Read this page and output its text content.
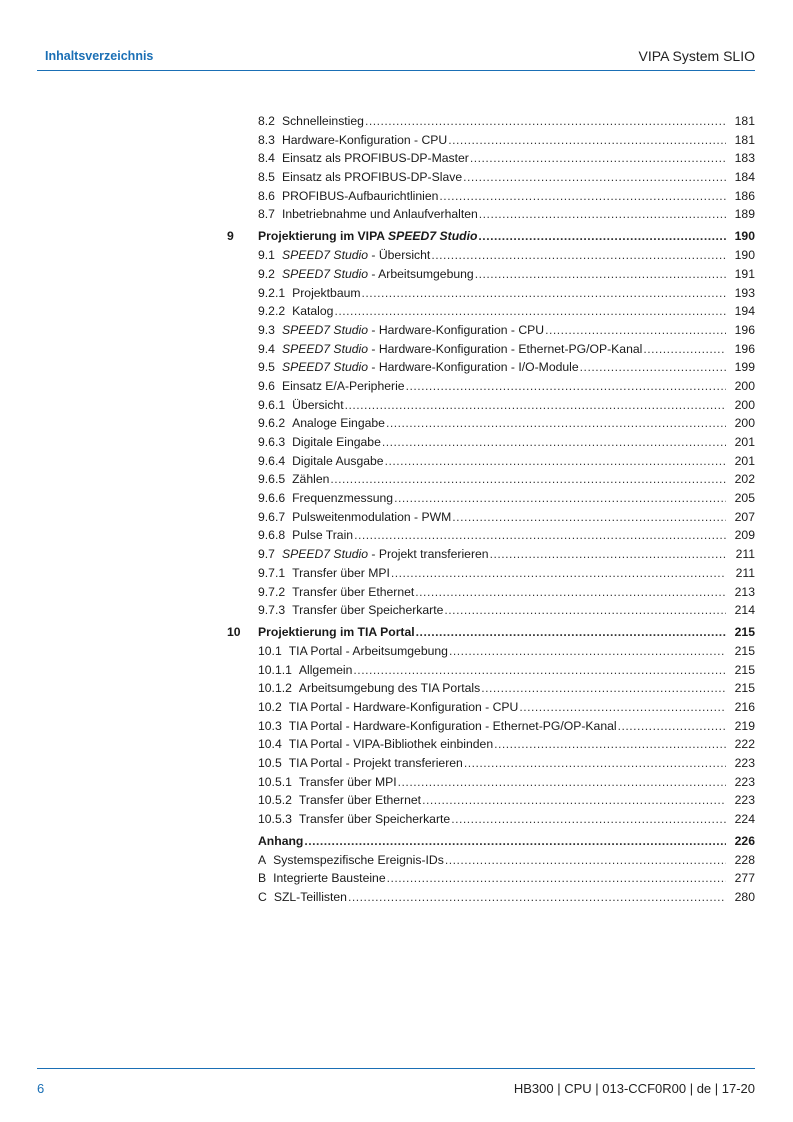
Inhaltsverzeichnis	VIPA System SLIO
8.2 Schnelleinstieg .....	181
8.3 Hardware-Konfiguration - CPU .....	181
8.4 Einsatz als PROFIBUS-DP-Master .....	183
8.5 Einsatz als PROFIBUS-DP-Slave .....	184
8.6 PROFIBUS-Aufbaurichtlinien .....	186
8.7 Inbetriebnahme und Anlaufverhalten .....	189
9 Projektierung im VIPA SPEED7 Studio .....	190
9.1 SPEED7 Studio - Übersicht .....	190
9.2 SPEED7 Studio - Arbeitsumgebung .....	191
9.2.1 Projektbaum .....	193
9.2.2 Katalog .....	194
9.3 SPEED7 Studio - Hardware-Konfiguration - CPU .....	196
9.4 SPEED7 Studio - Hardware-Konfiguration - Ethernet-PG/OP-Kanal .....	196
9.5 SPEED7 Studio - Hardware-Konfiguration - I/O-Module .....	199
9.6 Einsatz E/A-Peripherie .....	200
9.6.1 Übersicht .....	200
9.6.2 Analoge Eingabe .....	200
9.6.3 Digitale Eingabe .....	201
9.6.4 Digitale Ausgabe .....	201
9.6.5 Zählen .....	202
9.6.6 Frequenzmessung .....	205
9.6.7 Pulsweitenmodulation - PWM .....	207
9.6.8 Pulse Train .....	209
9.7 SPEED7 Studio - Projekt transferieren .....	211
9.7.1 Transfer über MPI .....	211
9.7.2 Transfer über Ethernet .....	213
9.7.3 Transfer über Speicherkarte .....	214
10 Projektierung im TIA Portal .....	215
10.1 TIA Portal - Arbeitsumgebung .....	215
10.1.1 Allgemein .....	215
10.1.2 Arbeitsumgebung des TIA Portals .....	215
10.2 TIA Portal - Hardware-Konfiguration - CPU .....	216
10.3 TIA Portal - Hardware-Konfiguration - Ethernet-PG/OP-Kanal .....	219
10.4 TIA Portal - VIPA-Bibliothek einbinden .....	222
10.5 TIA Portal - Projekt transferieren .....	223
10.5.1 Transfer über MPI .....	223
10.5.2 Transfer über Ethernet .....	223
10.5.3 Transfer über Speicherkarte .....	224
Anhang .....	226
A Systemspezifische Ereignis-IDs .....	228
B Integrierte Bausteine .....	277
C SZL-Teillisten .....	280
6	HB300 | CPU | 013-CCF0R00 | de | 17-20
